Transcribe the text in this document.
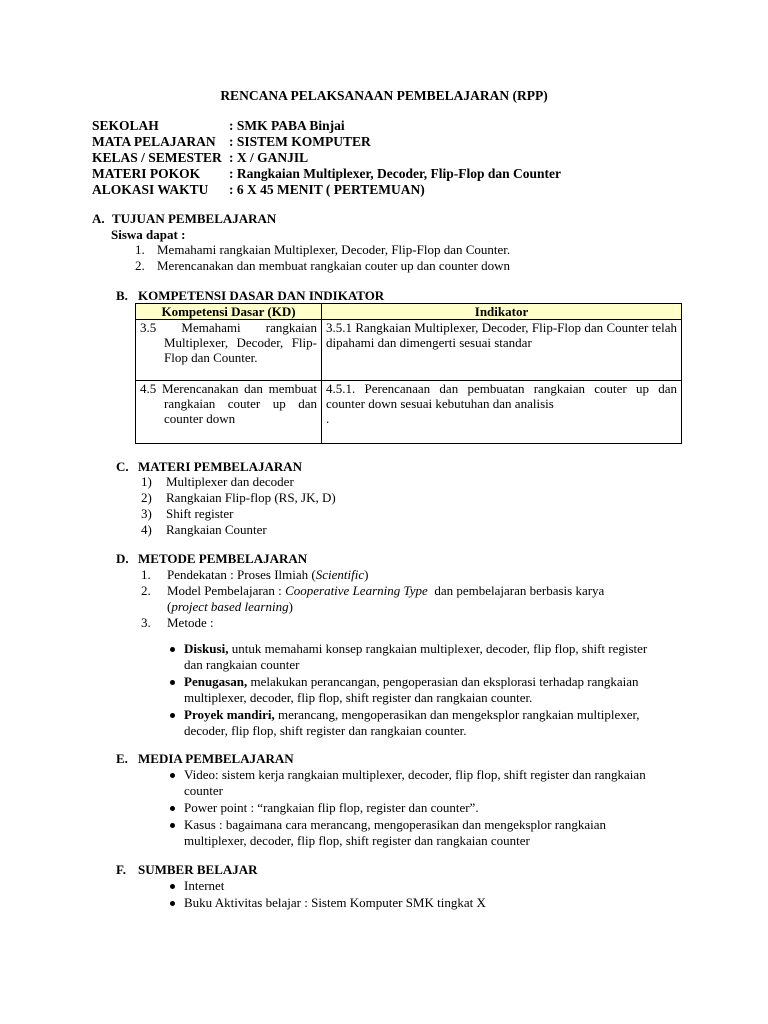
RENCANA PELAKSANAAN PEMBELAJARAN (RPP)
SEKOLAH	: SMK PABA Binjai
MATA PELAJARAN : SISTEM KOMPUTER
KELAS / SEMESTER : X / GANJIL
MATERI POKOK : Rangkaian Multiplexer, Decoder, Flip-Flop dan Counter
ALOKASI WAKTU : 6 X 45 MENIT ( PERTEMUAN)
A. TUJUAN PEMBELAJARAN
Siswa dapat :
1. Memahami rangkaian Multiplexer, Decoder, Flip-Flop dan Counter.
2. Merencanakan dan membuat rangkaian couter up dan counter down
B. KOMPETENSI DASAR DAN INDIKATOR
Kompetensi Dasar (KD)	Indikator

3.5 Memahami rangkaian Multiplexer, Decoder, Flip-Flop dan Counter.	3.5.1 Rangkaian Multiplexer, Decoder, Flip-Flop dan Counter telah dipahami dan dimengerti sesuai standar

4.5 Merencanakan dan membuat rangkaian couter up dan counter down	4.5.1. Perencanaan dan pembuatan rangkaian couter up dan counter down sesuai kebutuhan dan analisis
.
C. MATERI PEMBELAJARAN
1) Multiplexer dan decoder
2) Rangkaian Flip-flop (RS, JK, D)
3) Shift register
4) Rangkaian Counter
D. METODE PEMBELAJARAN
1. Pendekatan : Proses Ilmiah (Scientific)
2. Model Pembelajaran : Cooperative Learning Type  dan pembelajaran berbasis karya
(project based learning)
3. Metode :
Diskusi, untuk memahami konsep rangkaian multiplexer, decoder, flip flop, shift register dan rangkaian counter
Penugasan, melakukan perancangan, pengoperasian dan eksplorasi terhadap rangkaian multiplexer, decoder, flip flop, shift register dan rangkaian counter.
Proyek mandiri, merancang, mengoperasikan dan mengeksplor rangkaian multiplexer, decoder, flip flop, shift register dan rangkaian counter.
E. MEDIA PEMBELAJARAN
Video: sistem kerja rangkaian multiplexer, decoder, flip flop, shift register dan rangkaian counter
Power point : “rangkaian flip flop, register dan counter”.
Kasus : bagaimana cara merancang, mengoperasikan dan mengeksplor rangkaian multiplexer, decoder, flip flop, shift register dan rangkaian counter
F. SUMBER BELAJAR
Internet
Buku Aktivitas belajar : Sistem Komputer SMK tingkat X
